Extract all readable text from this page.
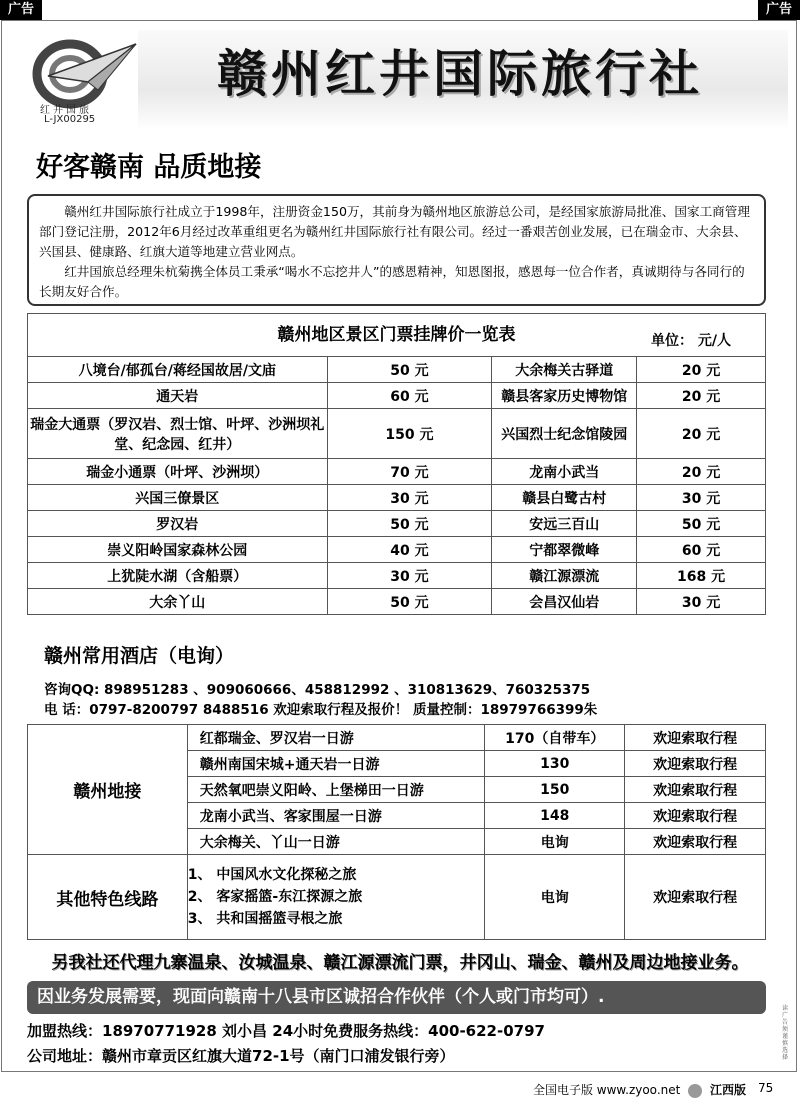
广告	广告
红井国旅
L-JX00295
赣州红井国际旅行社
好客赣南 品质地接

赣州红井国际旅行社成立于1998年，注册资金150万，其前身为赣州地区旅游总公司，是经国家旅游局批准、国家工商管理部门登记注册，2012年6月经过改革重组更名为赣州红井国际旅行社有限公司。经过一番艰苦创业发展，已在瑞金市、大余县、兴国县、健康路、红旗大道等地建立营业网点。

红井国旅总经理朱杭菊携全体员工秉承“喝水不忘挖井人”的感恩精神，知恩图报，感恩每一位合作者，真诚期待与各同行的长期友好合作。

赣州地区景区门票挂牌价一览表 单位： 元/人			

八境台/郁孤台/蒋经国故居/文庙	50 元	大余梅关古驿道	20 元
通天岩	60 元	赣县客家历史博物馆	20 元
瑞金大通票（罗汉岩、烈士馆、叶坪、沙洲坝礼堂、纪念园、红井）	150 元	兴国烈士纪念馆陵园	20 元
瑞金小通票（叶坪、沙洲坝）	70 元	龙南小武当	20 元
兴国三僚景区	30 元	赣县白鹭古村	30 元
罗汉岩	50 元	安远三百山	50 元
崇义阳岭国家森林公园	40 元	宁都翠微峰	60 元
上犹陡水湖（含船票）	30 元	赣江源漂流	168 元
大余丫山	50 元	会昌汉仙岩	30 元
赣州常用酒店（电询）
咨询QQ: 898951283 、909060666、458812992 、310813629、760325375
电 话：0797-8200797 8488516 欢迎索取行程及报价！ 质量控制：18979766399朱
赣州地接	红都瑞金、罗汉岩一日游	170（自带车）	欢迎索取行程
	赣州南国宋城+通天岩一日游	130	欢迎索取行程
	天然氧吧崇义阳岭、上堡梯田一日游	150	欢迎索取行程
	龙南小武当、客家围屋一日游	148	欢迎索取行程
	大余梅关、丫山一日游	电询	欢迎索取行程
其他特色线路	1、 中国风水文化探秘之旅
2、 客家摇篮-东江探源之旅
3、 共和国摇篮寻根之旅	电询	欢迎索取行程
另我社还代理九寨温泉、汝城温泉、赣江源漂流门票，井冈山、瑞金、赣州及周边地接业务。
因业务发展需要，现面向赣南十八县市区诚招合作伙伴（个人或门市均可）.
加盟热线：18970771928 刘小昌 24小时免费服务热线：400-622-0797
公司地址：赣州市章贡区红旗大道72-1号（南门口浦发银行旁）
读广告须谨慎选择
全国电子版 www.zyoo.net 江西版 75
